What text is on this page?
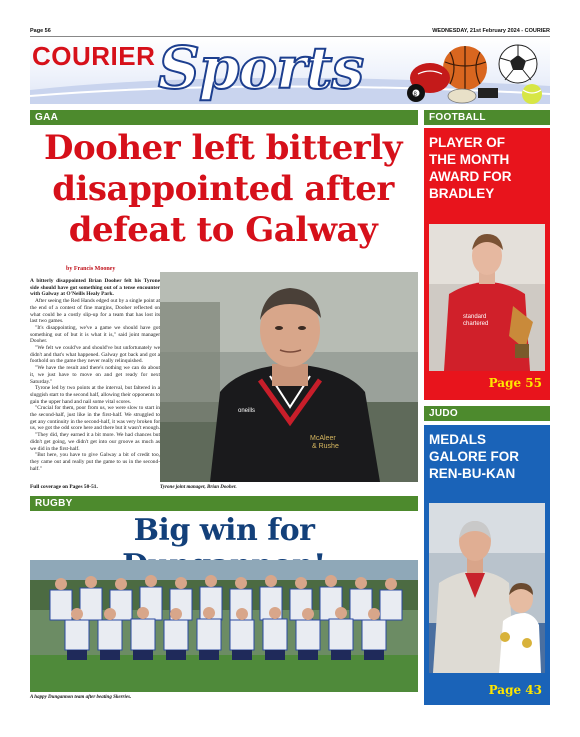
Page 56	WEDNESDAY, 21st February 2024 - COURIER
COURIER Sports	8
GAA	FOOTBALL
JUDO
RUGBY
Dooher left bitterly disappointed after defeat to Galway
by Francis Mooney

A bitterly disappointed Brian Dooher felt his Tyrone side should have got something out of a tense encounter with Galway at O'Neills Healy Park.

After seeing the Red Hands edged out by a single point at the end of a contest of fine margins, Dooher reflected on what could be a costly slip-up for a team that has lost its last two games.

"It's disappointing, we've a game we should have got something out of but it is what it is," said joint manager Dooher.

"We felt we could've and should've but unfortunately we didn't and that's what happened. Galway got back and got a foothold on the game they never really relinquished.

"We have the result and there's nothing we can do about it, we just have to move on and get ready for next Saturday."

Tyrone led by two points at the interval, but faltered in a sluggish start to the second half, allowing their opponents to gain the upper hand and nail some vital scores.

"Crucial for them, poor from us, we were slow to start in the second-half, just like in the first-half. We struggled to get any continuity in the second-half, it was very broken for us, we got the odd score here and there but it wasn't enough.

"They did, they earned it a bit more. We had chances but didn't get going, we didn't get into our groove as much as we did in the first-half.

"But here, you have to give Galway a bit of credit too, they came out and really put the game to us in the second-half."

Full coverage on Pages 50-51.
McAleer
& Rushe
oneills
Tyrone joint manager, Brian Dooher.
Big win for
A happy Dungannon team after beating Skerries.
PLAYER OF
THE MONTH
AWARD FOR
BRADLEY
standard
chartered
Page 55
MEDALS
GALORE FOR
REN-BU-KAN
Page 43
